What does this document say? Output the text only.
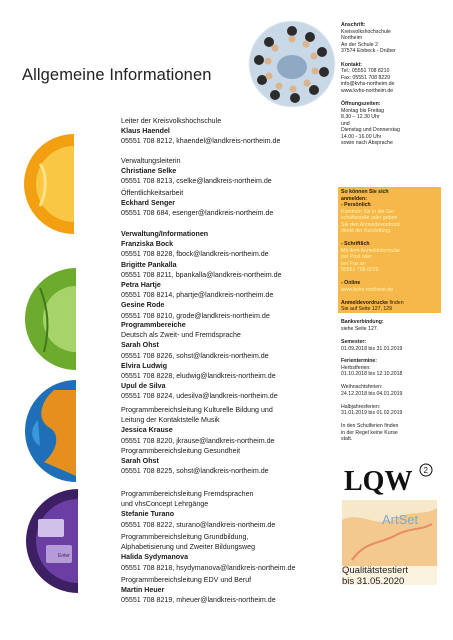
Allgemeine Informationen
Enter
Leiter der Kreisvolkshochschule
Klaus Haendel
05551 708 8212, khaendel@landkreis-northeim.de
Verwaltungsleiterin
Christiane Selke
05551 708 8213, cselke@landkreis-northeim.de
Öffentlichkeitsarbeit
Eckhard Senger
05551 708 684, esenger@landkreis-northeim.de
Verwaltung/Informationen
Franziska Bock
05551 708 8228, fbock@landkreis-northeim.de
Brigitte Pankalla
05551 708 8211, bpankalla@landkreis-northeim.de
Petra Hartje
05551 708 8214, phartje@landkreis-northeim.de
Gesine Rode
05551 708 8210, grode@landkreis-northeim.de
Programmbereiche
Deutsch als Zweit- und Fremdsprache
Sarah Ohst
05551 708 8226, sohst@landkreis-northeim.de
Elvira Ludwig
05551 708 8228, eludwig@landkreis-northeim.de
Upul de Silva
05551 708 8224, udesilva@landkreis-northeim.de
Programmbereichsleitung Kulturelle Bildung und
Leitung der Kontaktstelle Musik
Jessica Krause
05551 708 8220, jkrause@landkreis-northeim.de
Programmbereichsleitung Gesundheit
Sarah Ohst
05551 708 8225, sohst@landkreis-northeim.de
Programmbereichsleitung Fremdsprachen
und vhsConcept Lehrgänge
Stefanie Turano
05551 708 8222, sturano@landkreis-northeim.de
Programmbereichsleitung Grundbildung,
Alphabetisierung und Zweiter Bildungsweg
Halida Sydymanova
05551 708 8218, hsydymanova@landkreis-northeim.de
Programmbereichsleitung EDV und Beruf
Martin Heuer
05551 708 8219, mheuer@landkreis-northeim.de
Anschrift:
Kreisvolkshochschule
Northeim
An der Schule 2
37574 Einbeck - Drüber
Kontakt:
Tel.: 05551 708 8210
Fax: 05551 708 8229
info@kvhs-northeim.de
www.kvhs-northeim.de
Öffnungszeiten:
Montag bis Freitag
8.30 – 12.30 Uhr
und
Dienstag und Donnerstag
14.00 - 16.00 Uhr
sowie nach Absprache
So können Sie sich
anmelden:
- Persönlich
Kommen Sie in die Ge-
schäftsstelle oder geben
Sie den Anmeldevordruck
direkt der Kursleitung.
- Schriftlich
Mit dem Anmeldeformular
per Post oder
per Fax an
05551 708 8229
- Online
www.kvhs-northeim.de
Anmeldevordrucke finden
Sie auf Seite 127, 129
Bankverbindung:
siehe Seite 127.
Semester:
01.09.2018 bis 31.01.2019
Ferientermine:
Herbstferien:
01.10.2018 bis 12.10.2018
Weihnachtsferien:
24.12.2018 bis 04.01.2019
Halbjahresferien:
31.01.2019 bis 01.02.2019
In den Schulferien finden
in der Regel keine Kurse
statt.
LQW 2
ArtSet
Qualitätstestiert
bis 31.05.2020
